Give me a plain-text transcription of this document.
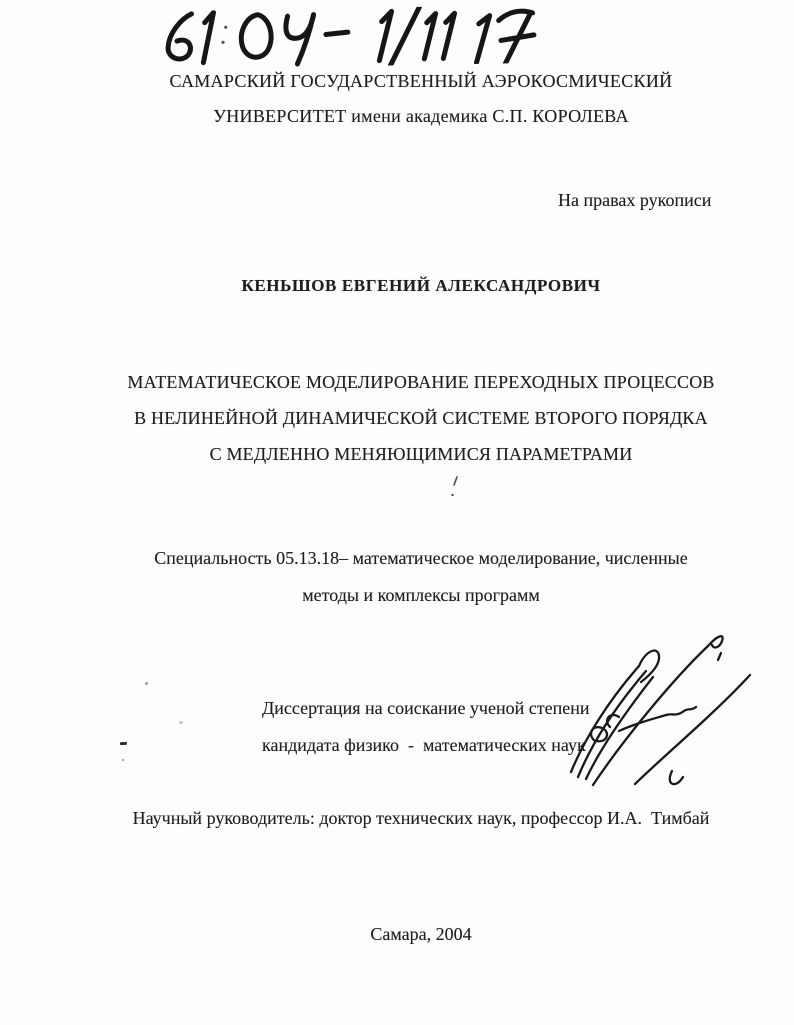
САМАРСКИЙ ГОСУДАРСТВЕННЫЙ АЭРОКОСМИЧЕСКИЙ
УНИВЕРСИТЕТ имени академика С.П. КОРОЛЕВА
На правах рукописи
КЕНЬШОВ ЕВГЕНИЙ АЛЕКСАНДРОВИЧ
МАТЕМАТИЧЕСКОЕ МОДЕЛИРОВАНИЕ ПЕРЕХОДНЫХ ПРОЦЕССОВ
В НЕЛИНЕЙНОЙ ДИНАМИЧЕСКОЙ СИСТЕМЕ ВТОРОГО ПОРЯДКА
С МЕДЛЕННО МЕНЯЮЩИМИСЯ ПАРАМЕТРАМИ
Специальность 05.13.18– математическое моделирование, численные
методы и комплексы программ
Диссертация на соискание ученой степени
кандидата физико  -  математических наук
Научный руководитель: доктор технических наук, профессор И.А.  Тимбай
Самара, 2004
